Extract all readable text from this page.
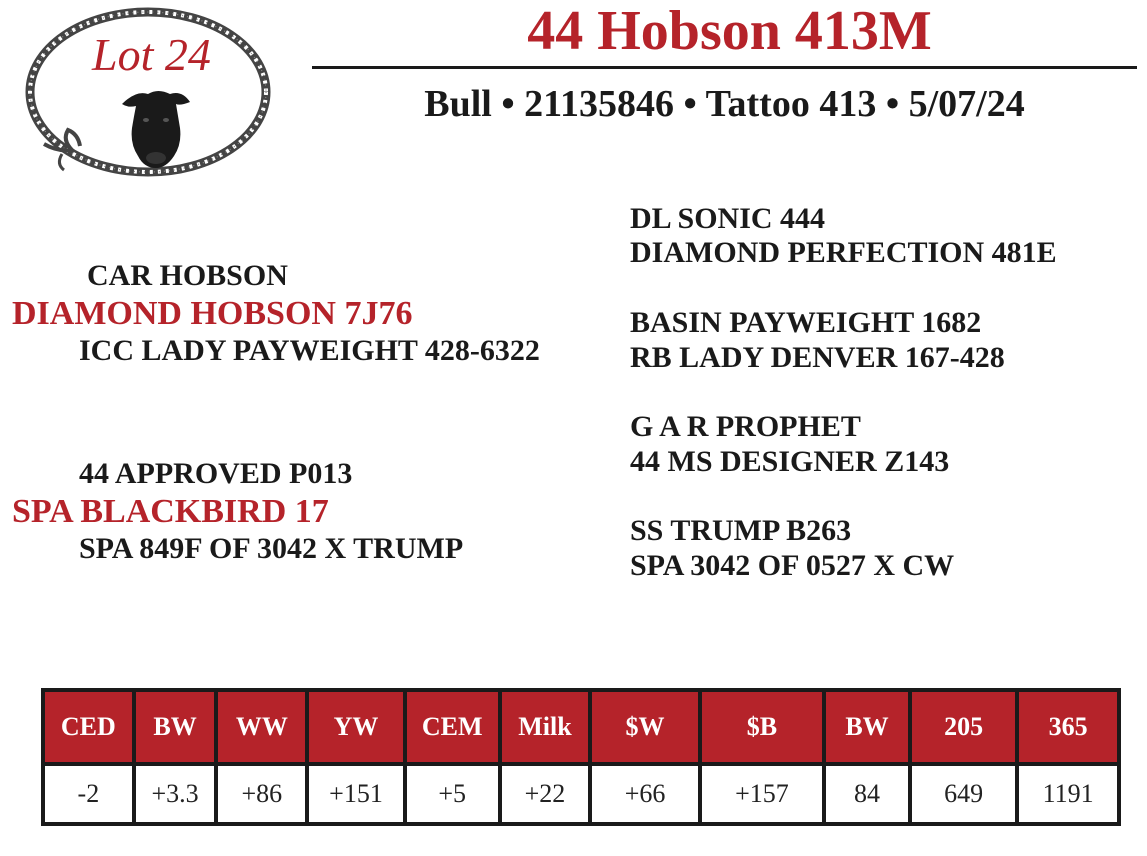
Lot 24	44 Hobson 413M
Bull • 21135846 • Tattoo 413 • 5/07/24
CAR HOBSON
DIAMOND HOBSON 7J76
ICC LADY PAYWEIGHT 428-6322
44 APPROVED P013
SPA BLACKBIRD 17
SPA 849F OF 3042 X TRUMP
DL SONIC 444
DIAMOND PERFECTION 481E
BASIN PAYWEIGHT 1682
RB LADY DENVER 167-428
G A R PROPHET
44 MS DESIGNER Z143
SS TRUMP B263
SPA 3042 OF 0527 X CW
CED	BW	WW	YW	CEM	Milk	$W	$B	BW	205	365
-2	+3.3	+86	+151	+5	+22	+66	+157	84	649	1191
